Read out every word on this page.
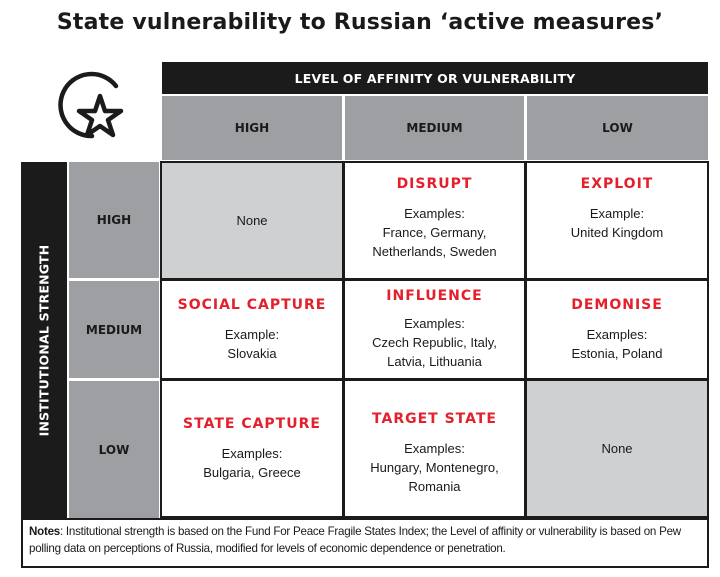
State vulnerability to Russian ‘active measures’
LEVEL OF AFFINITY OR VULNERABILITY
HIGH	MEDIUM	LOW
INSTITUTIONAL STRENGTH
HIGH
MEDIUM
LOW
None
DISRUPT
Examples:
France, Germany,
Netherlands, Sweden
EXPLOIT
Example:
United Kingdom
SOCIAL CAPTURE
Example:
Slovakia
INFLUENCE
Examples:
Czech Republic, Italy,
Latvia, Lithuania
DEMONISE
Examples:
Estonia, Poland
STATE CAPTURE
Examples:
Bulgaria, Greece
TARGET STATE
Examples:
Hungary, Montenegro,
Romania
None
Notes: Institutional strength is based on the Fund For Peace Fragile States Index; the Level of affinity or vulnerability is based on Pew polling data on perceptions of Russia, modified for levels of economic dependence or penetration.
